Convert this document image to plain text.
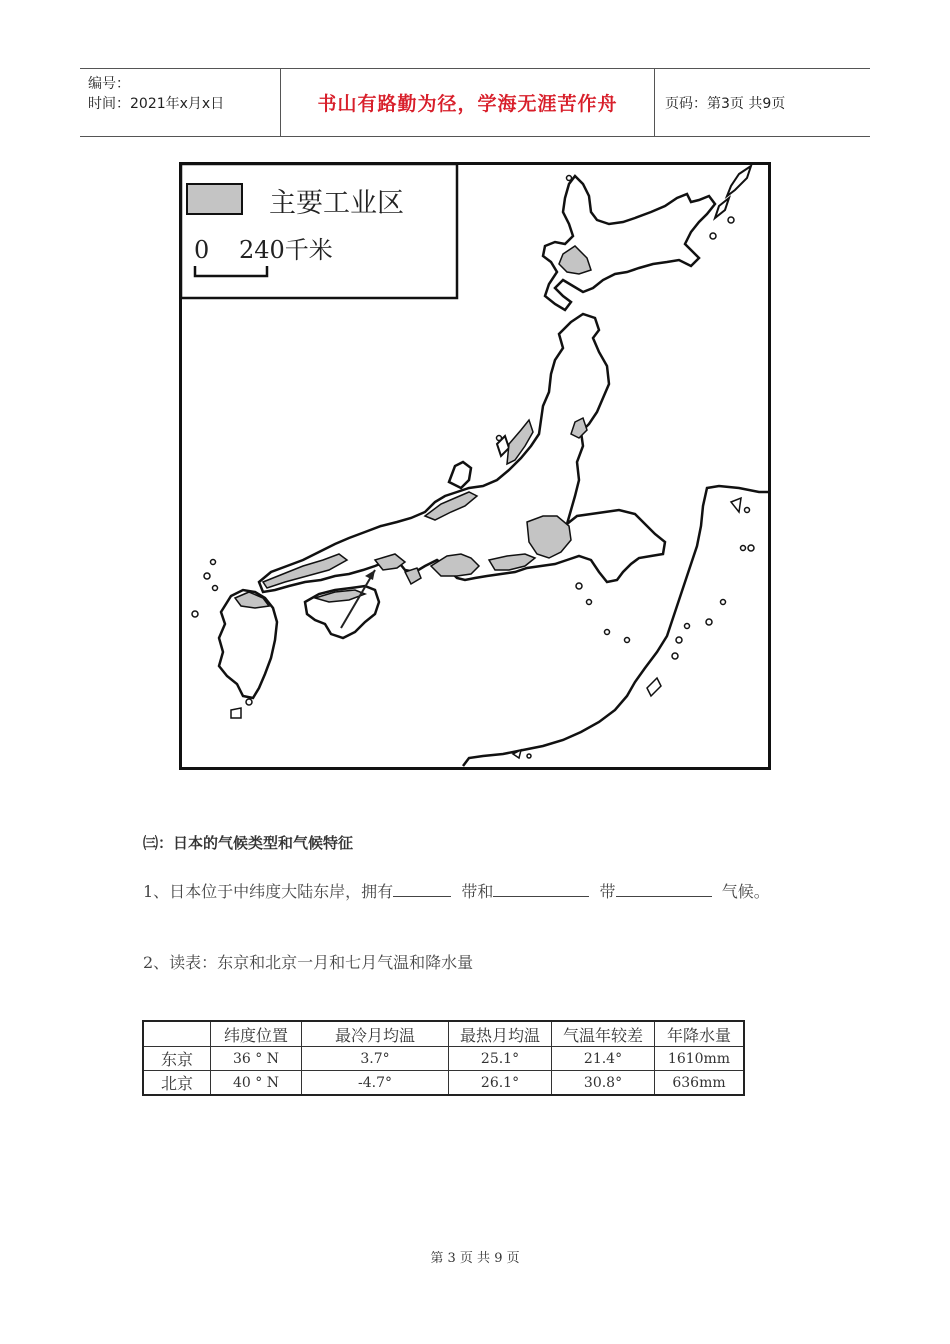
编号：
时间：2021年x月x日	书山有路勤为径，学海无涯苦作舟	页码：第3页 共9页
主要工业区
0 240千米
㈢：日本的气候类型和气候特征
1、日本位于中纬度大陆东岸，拥有	带和	带	气候。
2、读表：东京和北京一月和七月气温和降水量
	纬度位置	最冷月均温	最热月均温	气温年较差	年降水量
东京	36 ° N	3.7°	25.1°	21.4°	1610mm
北京	40 ° N	-4.7°	26.1°	30.8°	636mm
第 3 页 共 9 页
